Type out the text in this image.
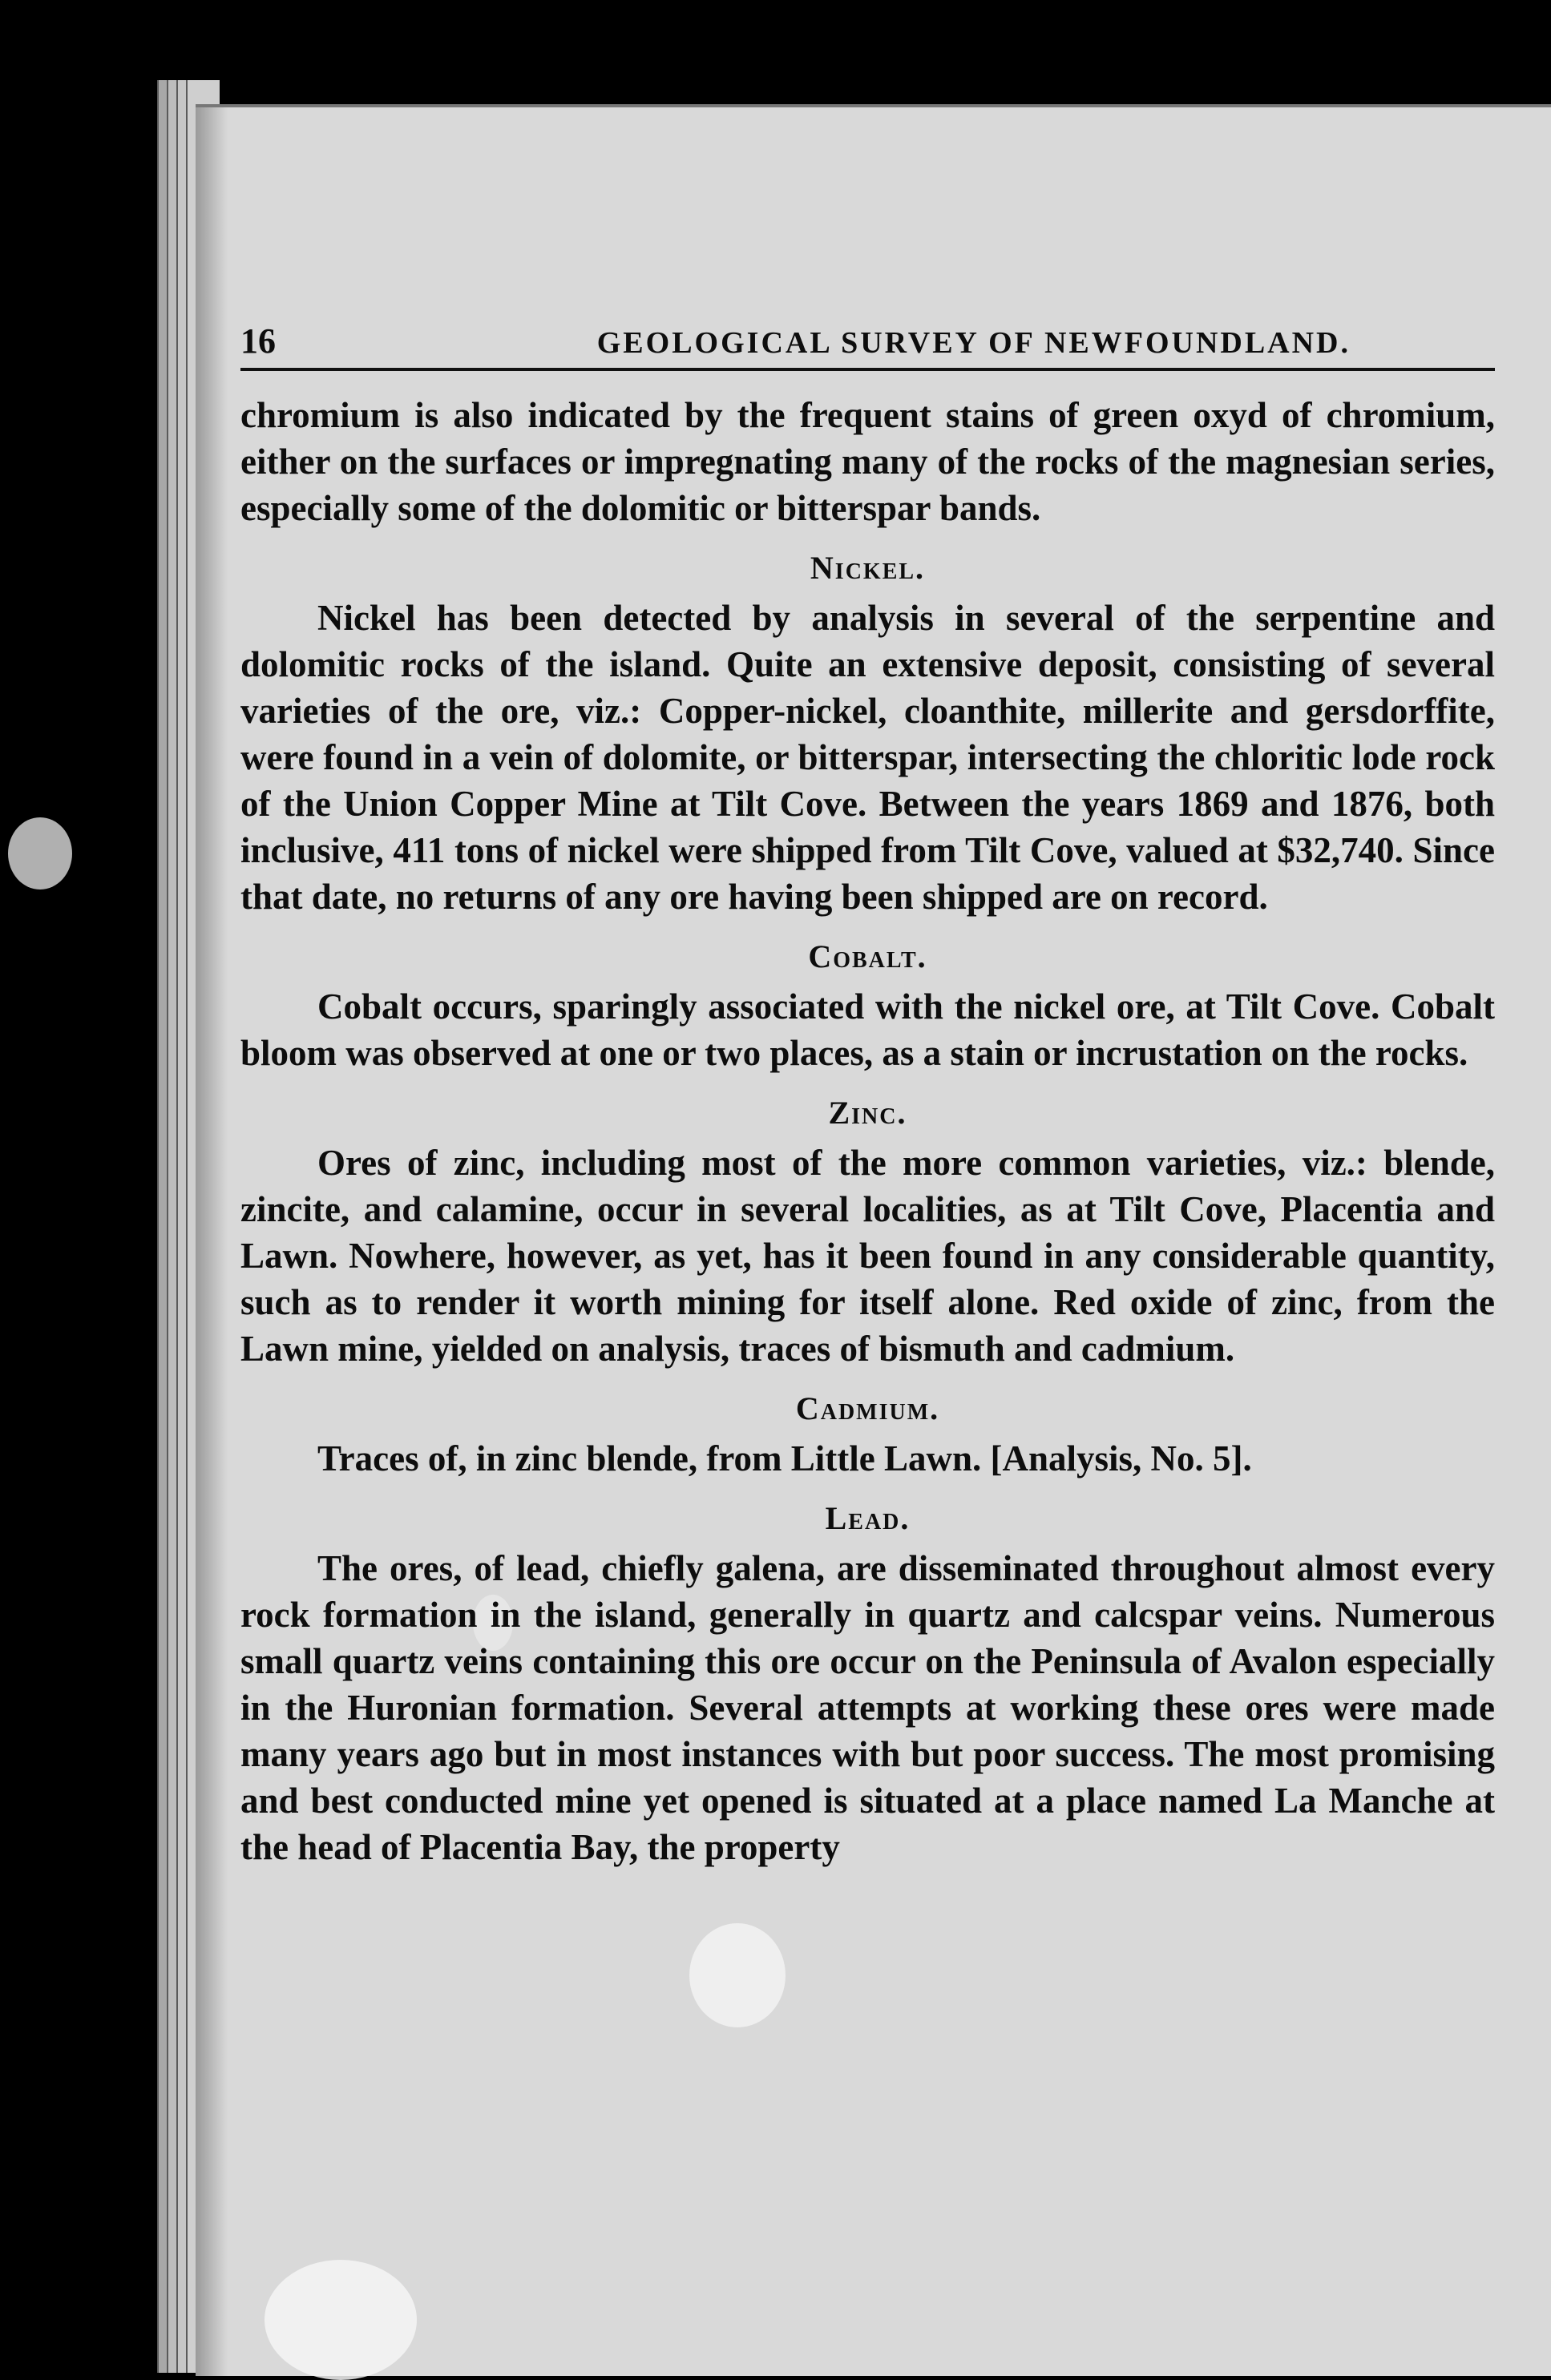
16	GEOLOGICAL SURVEY OF NEWFOUNDLAND.

chromium is also indicated by the frequent stains of green oxyd of chromium, either on the surfaces or impregnating many of the rocks of the magnesian series, especially some of the dolomitic or bitterspar bands.

Nickel.

Nickel has been detected by analysis in several of the serpentine and dolomitic rocks of the island. Quite an extensive deposit, consisting of several varieties of the ore, viz.: Copper-nickel, cloanthite, millerite and gersdorffite, were found in a vein of dolomite, or bitterspar, intersecting the chloritic lode rock of the Union Copper Mine at Tilt Cove. Between the years 1869 and 1876, both inclusive, 411 tons of nickel were shipped from Tilt Cove, valued at $32,740. Since that date, no returns of any ore having been shipped are on record.

Cobalt.

Cobalt occurs, sparingly associated with the nickel ore, at Tilt Cove. Cobalt bloom was observed at one or two places, as a stain or incrustation on the rocks.

Zinc.

Ores of zinc, including most of the more common varieties, viz.: blende, zincite, and calamine, occur in several localities, as at Tilt Cove, Placentia and Lawn. Nowhere, however, as yet, has it been found in any considerable quantity, such as to render it worth mining for itself alone. Red oxide of zinc, from the Lawn mine, yielded on analysis, traces of bismuth and cadmium.

Cadmium.

Traces of, in zinc blende, from Little Lawn. [Analysis, No. 5].

Lead.

The ores, of lead, chiefly galena, are disseminated throughout almost every rock formation in the island, generally in quartz and calcspar veins. Numerous small quartz veins containing this ore occur on the Peninsula of Avalon especially in the Huronian formation. Several attempts at working these ores were made many years ago but in most instances with but poor success. The most promising and best conducted mine yet opened is situated at a place named La Manche at the head of Placentia Bay, the property
